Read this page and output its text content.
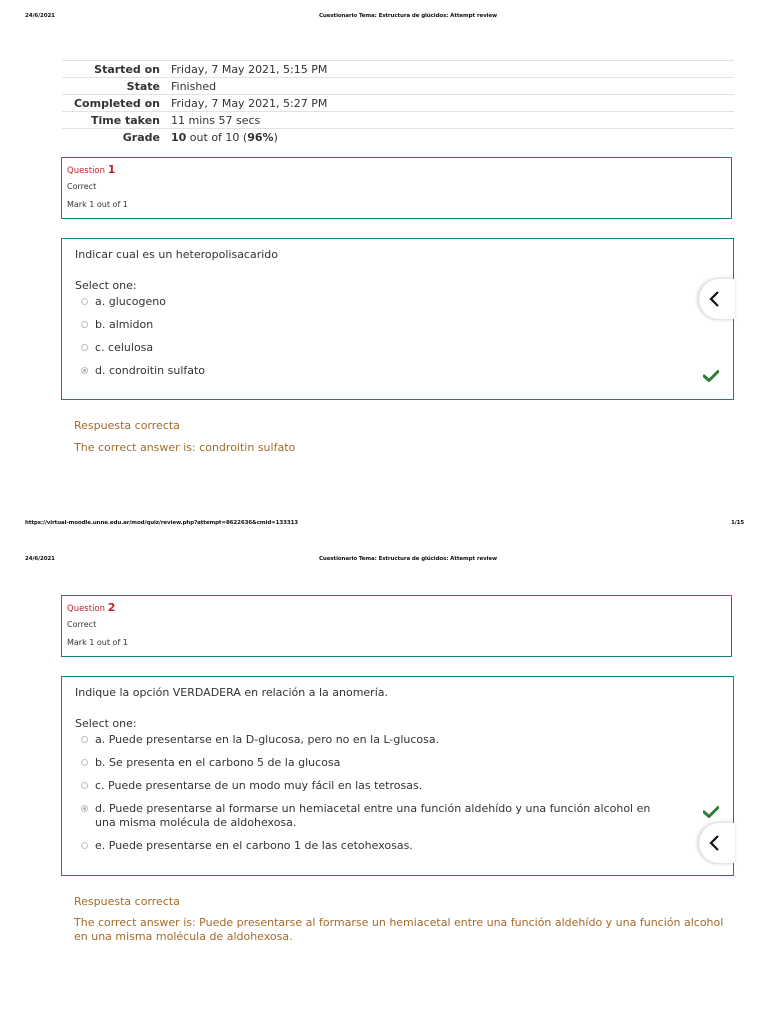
24/6/2021	Cuestionario Tema: Estructura de glúcidos: Attempt review
Started on	Friday, 7 May 2021, 5:15 PM
State	Finished
Completed on	Friday, 7 May 2021, 5:27 PM
Time taken	11 mins 57 secs
Grade	10 out of 10 (96%)
Question 1
Correct
Mark 1 out of 1
Indicar cual es un heteropolisacarido
Select one:
a. glucogeno
b. almidon
c. celulosa
d. condroitin sulfato
Respuesta correcta
The correct answer is: condroitin sulfato
https://virtual-moodle.unne.edu.ar/mod/quiz/review.php?attempt=8622636&cmid=133313	1/15
24/6/2021	Cuestionario Tema: Estructura de glúcidos: Attempt review
Question 2
Correct
Mark 1 out of 1
Indique la opción VERDADERA en relación a la anomería.
Select one:
a. Puede presentarse en la D-glucosa, pero no en la L-glucosa.
b. Se presenta en el carbono 5 de la glucosa
c. Puede presentarse de un modo muy fácil en las tetrosas.
d. Puede presentarse al formarse un hemiacetal entre una función aldehído y una función alcohol en una misma molécula de aldohexosa.
e. Puede presentarse en el carbono 1 de las cetohexosas.
Respuesta correcta
The correct answer is: Puede presentarse al formarse un hemiacetal entre una función aldehído y una función alcohol en una misma molécula de aldohexosa.
